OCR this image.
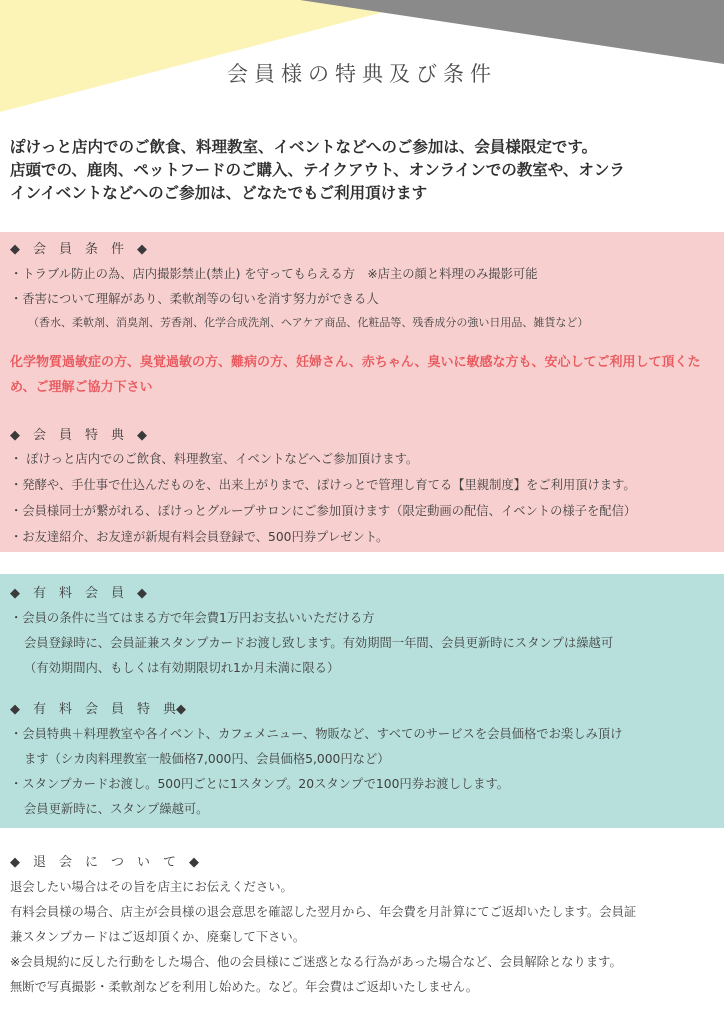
会員様の特典及び条件

ぽけっと店内でのご飲食、料理教室、イベントなどへのご参加は、会員様限定です。

店頭での、鹿肉、ペットフードのご購入、テイクアウト、オンラインでの教室や、オンラ

インイベントなどへのご参加は、どなたでもご利用頂けます

◆　会　員　条　件　◆

・トラブル防止の為、店内撮影禁止(禁止) を守ってもらえる方　※店主の顔と料理のみ撮影可能

・香害について理解があり、柔軟剤等の匂いを消す努力ができる人

（香水、柔軟剤、消臭剤、芳香剤、化学合成洗剤、ヘアケア商品、化粧品等、残香成分の強い日用品、雑貨など）

化学物質過敏症の方、臭覚過敏の方、難病の方、妊婦さん、赤ちゃん、臭いに敏感な方も、安心してご利用して頂くため、ご理解ご協力下さい

◆　会　員　特　典　◆

・ ぽけっと店内でのご飲食、料理教室、イベントなどへご参加頂けます。

・発酵や、手仕事で仕込んだものを、出来上がりまで、ぽけっとで管理し育てる【里親制度】をご利用頂けます。

・会員様同士が繋がれる、ぽけっとグループサロンにご参加頂けます（限定動画の配信、イベントの様子を配信）

・お友達紹介、お友達が新規有料会員登録で、500円券プレゼント。

◆　有　料　会　員　◆

・会員の条件に当てはまる方で年会費1万円お支払いいただける方

会員登録時に、会員証兼スタンプカードお渡し致します。有効期間一年間、会員更新時にスタンプは繰越可

（有効期間内、もしくは有効期限切れ1か月未満に限る）

◆　有　料　会　員　特　典◆

・会員特典＋料理教室や各イベント、カフェメニュー、物販など、すべてのサービスを会員価格でお楽しみ頂け

ます（シカ肉料理教室一般価格7,000円、会員価格5,000円など）

・スタンプカードお渡し。500円ごとに1スタンプ。20スタンプで100円券お渡しします。

会員更新時に、スタンプ繰越可。

◆　退　会　に　つ　い　て　◆

退会したい場合はその旨を店主にお伝えください。

有料会員様の場合、店主が会員様の退会意思を確認した翌月から、年会費を月計算にてご返却いたします。会員証

兼スタンプカードはご返却頂くか、廃棄して下さい。

※会員規約に反した行動をした場合、他の会員様にご迷惑となる行為があった場合など、会員解除となります。

無断で写真撮影・柔軟剤などを利用し始めた。など。年会費はご返却いたしません。
